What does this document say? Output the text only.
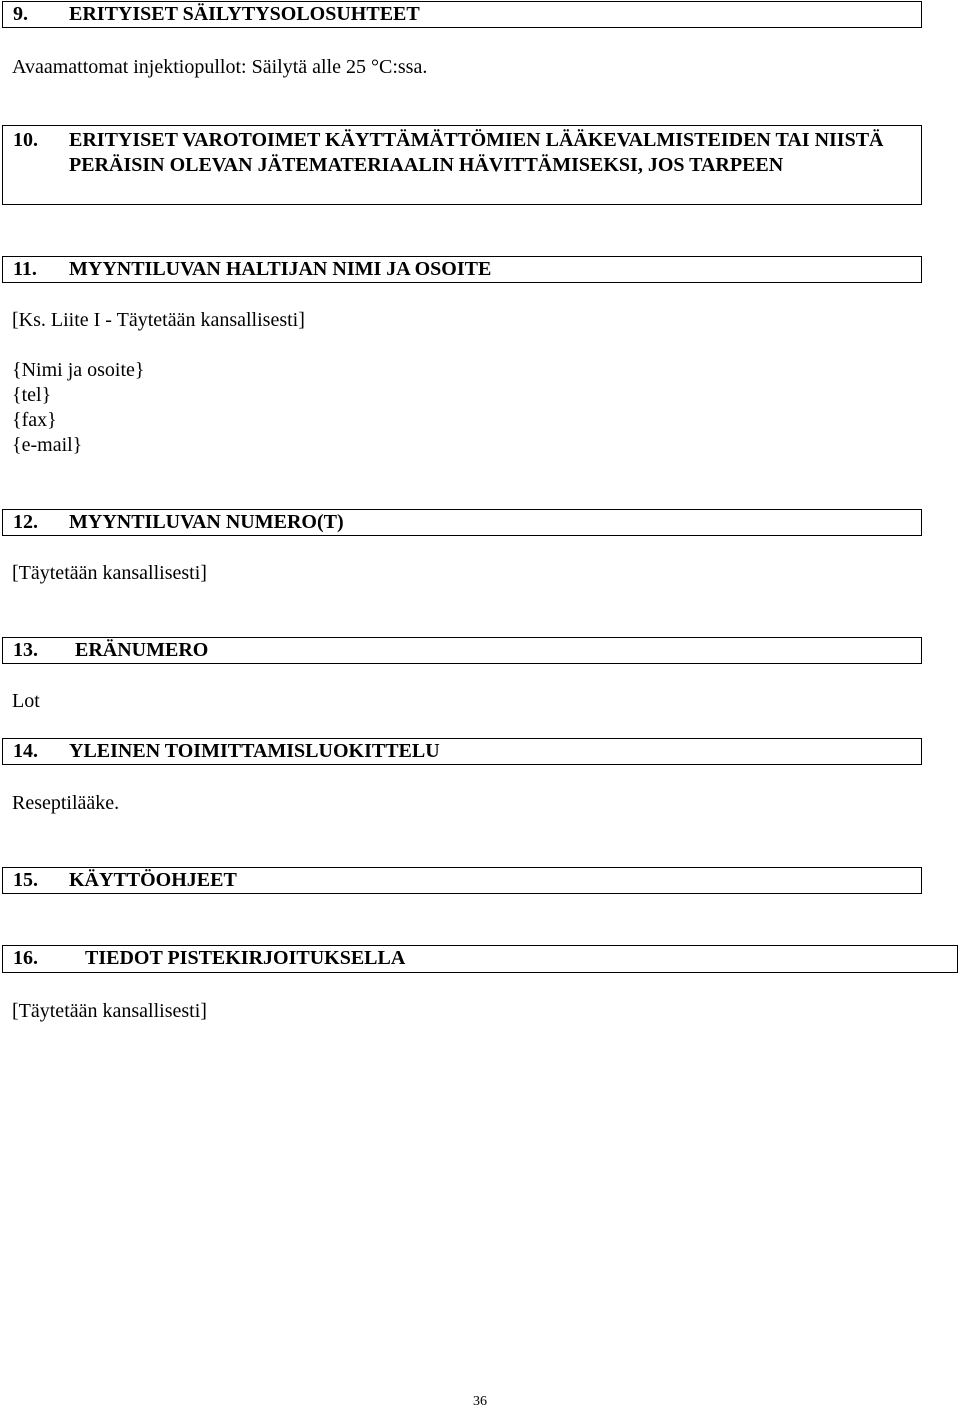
9. ERITYISET SÄILYTYSOLOSUHTEET
Avaamattomat injektiopullot: Säilytä alle 25 °C:ssa.
10.	ERITYISET VAROTOIMET KÄYTTÄMÄTTÖMIEN LÄÄKEVALMISTEIDEN TAI NIISTÄ PERÄISIN OLEVAN JÄTEMATERIAALIN HÄVITTÄMISEKSI, JOS TARPEEN
11. MYYNTILUVAN HALTIJAN NIMI JA OSOITE
[Ks. Liite I - Täytetään kansallisesti]
{Nimi ja osoite}
{tel}
{fax}
{e-mail}
12. MYYNTILUVAN NUMERO(T)
[Täytetään kansallisesti]
13. ERÄNUMERO
Lot
14. YLEINEN TOIMITTAMISLUOKITTELU
Reseptilääke.
15. KÄYTTÖOHJEET
16. TIEDOT PISTEKIRJOITUKSELLA
[Täytetään kansallisesti]
36
